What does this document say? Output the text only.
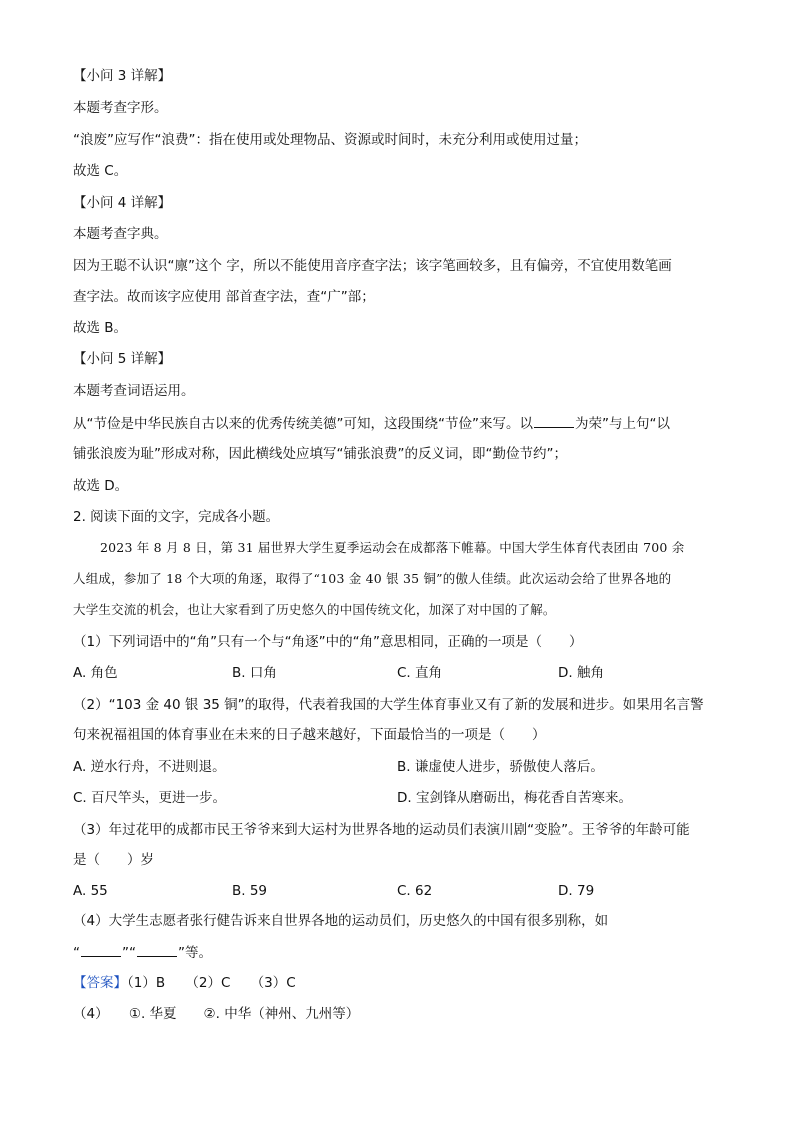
【小问 3 详解】
本题考查字形。
“浪废”应写作“浪费”：指在使用或处理物品、资源或时间时，未充分利用或使用过量；
故选 C。
【小问 4 详解】
本题考查字典。
因为王聪不认识“廪”这个 字，所以不能使用音序查字法；该字笔画较多，且有偏旁，不宜使用数笔画
查字法。故而该字应使用 部首查字法，查“广”部；
故选 B。
【小问 5 详解】
本题考查词语运用。
从“节俭是中华民族自古以来的优秀传统美德”可知，这段围绕“节俭”来写。以	为荣”与上句“以
铺张浪废为耻”形成对称，因此横线处应填写“铺张浪费”的反义词，即“勤俭节约”；
故选 D。
2. 阅读下面的文字，完成各小题。
2023 年 8 月 8 日，第 31 届世界大学生夏季运动会在成都落下帷幕。中国大学生体育代表团由 700 余
人组成，参加了 18 个大项的角逐，取得了“103 金 40 银 35 铜”的傲人佳绩。此次运动会给了世界各地的
大学生交流的机会，也让大家看到了历史悠久的中国传统文化，加深了对中国的了解。
（1）下列词语中的“角”只有一个与“角逐”中的“角”意思相同，正确的一项是（　　）
A. 角色	B. 口角	C. 直角	D. 触角
（2）“103 金 40 银 35 铜”的取得，代表着我国的大学生体育事业又有了新的发展和进步。如果用名言警
句来祝福祖国的体育事业在未来的日子越来越好，下面最恰当的一项是（　　）
A. 逆水行舟，不进则退。	B. 谦虚使人进步，骄傲使人落后。
C. 百尺竿头，更进一步。	D. 宝剑锋从磨砺出，梅花香自苦寒来。
（3）年过花甲的成都市民王爷爷来到大运村为世界各地的运动员们表演川剧“变脸”。王爷爷的年龄可能
是（　　）岁
A. 55	B. 59	C. 62	D. 79
（4）大学生志愿者张行健告诉来自世界各地的运动员们，历史悠久的中国有很多别称，如
“	”“	”等。
【答案】（1）B　　（2）C　　（3）C
（4）　　①. 华夏　　②. 中华（神州、九州等）
